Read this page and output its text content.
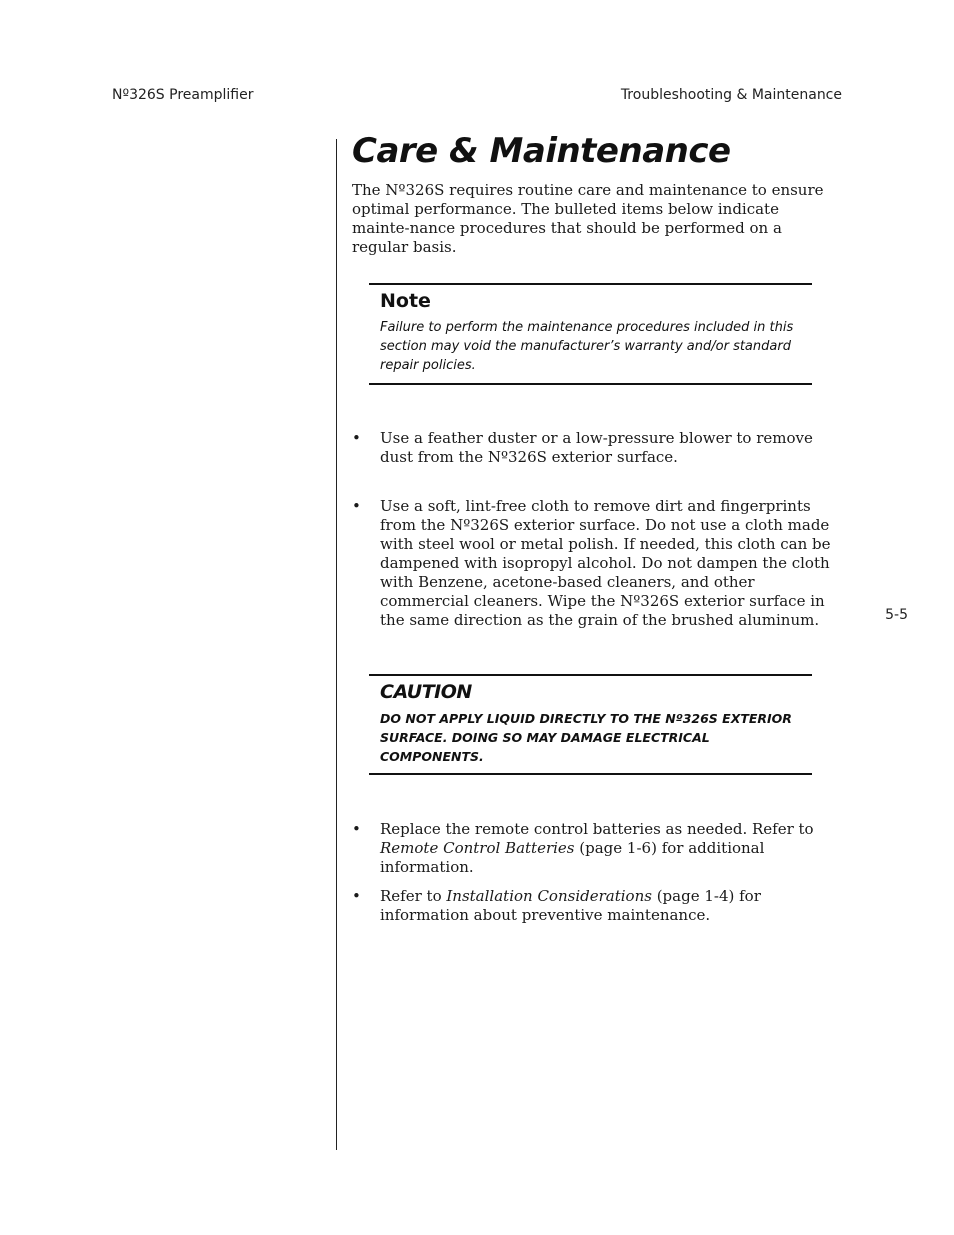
Nº326S Preamplifier	Troubleshooting & Maintenance
Care & Maintenance

The Nº326S requires routine care and maintenance to ensure optimal performance. The bulleted items below indicate mainte-nance procedures that should be performed on a regular basis.

Note

Failure to perform the maintenance procedures included in this section may void the manufacturer’s warranty and/or standard repair policies.

• Use a feather duster or a low-pressure blower to remove dust from the Nº326S exterior surface.
• Use a soft, lint-free cloth to remove dirt and fingerprints from the Nº326S exterior surface. Do not use a cloth made with steel wool or metal polish. If needed, this cloth can be dampened with isopropyl alcohol. Do not dampen the cloth with Benzene, acetone-based cleaners, and other commercial cleaners. Wipe the Nº326S exterior surface in the same direction as the grain of the brushed aluminum.

CAUTION

DO NOT APPLY LIQUID DIRECTLY TO THE Nº326S EXTERIOR SURFACE. DOING SO MAY DAMAGE ELECTRICAL COMPONENTS.

• Replace the remote control batteries as needed. Refer to Remote Control Batteries (page 1-6) for additional information.
• Refer to Installation Considerations (page 1-4) for information about preventive maintenance.
5-5
